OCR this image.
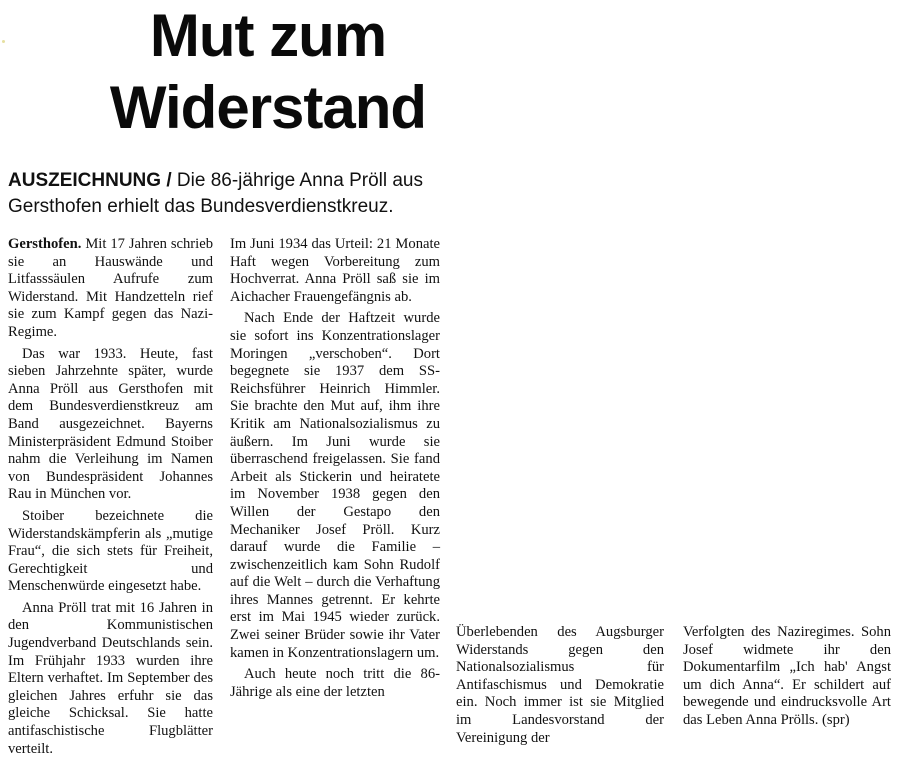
Mut zum Widerstand
AUSZEICHNUNG / Die 86-jährige Anna Pröll aus Gersthofen erhielt das Bundesverdienstkreuz.

Gersthofen. Mit 17 Jahren schrieb sie an Hauswände und Litfasssäulen Aufrufe zum Widerstand. Mit Handzetteln rief sie zum Kampf gegen das Nazi-Regime.

Das war 1933. Heute, fast sieben Jahrzehnte später, wurde Anna Pröll aus Gersthofen mit dem Bundesverdienstkreuz am Band ausgezeichnet. Bayerns Ministerpräsident Edmund Stoiber nahm die Verleihung im Namen von Bundespräsident Johannes Rau in München vor.

Stoiber bezeichnete die Widerstandskämpferin als „mutige Frau“, die sich stets für Freiheit, Gerechtigkeit und Menschenwürde eingesetzt habe.

Anna Pröll trat mit 16 Jahren in den Kommunistischen Jugendverband Deutschlands sein. Im Frühjahr 1933 wurden ihre Eltern verhaftet. Im September des gleichen Jahres erfuhr sie das gleiche Schicksal. Sie hatte antifaschistische Flugblätter verteilt.

Im Juni 1934 das Urteil: 21 Monate Haft wegen Vorbereitung zum Hochverrat. Anna Pröll saß sie im Aichacher Frauengefängnis ab.

Nach Ende der Haftzeit wurde sie sofort ins Konzentrationslager Moringen „verschoben“. Dort begegnete sie 1937 dem SS-Reichsführer Heinrich Himmler. Sie brachte den Mut auf, ihm ihre Kritik am Nationalsozialismus zu äußern. Im Juni wurde sie überraschend freigelassen. Sie fand Arbeit als Stickerin und heiratete im November 1938 gegen den Willen der Gestapo den Mechaniker Josef Pröll. Kurz darauf wurde die Familie – zwischenzeitlich kam Sohn Rudolf auf die Welt – durch die Verhaftung ihres Mannes getrennt. Er kehrte erst im Mai 1945 wieder zurück. Zwei seiner Brüder sowie ihr Vater kamen in Konzentrationslagern um.

Auch heute noch tritt die 86-Jährige als eine der letzten

Überlebenden des Augsburger Widerstands gegen den Nationalsozialismus für Antifaschismus und Demokratie ein. Noch immer ist sie Mitglied im Landesvorstand der Vereinigung der

Verfolgten des Naziregimes. Sohn Josef widmete ihr den Dokumentarfilm „Ich hab' Angst um dich Anna“. Er schildert auf bewegende und eindrucksvolle Art das Leben Anna Prölls. (spr)
